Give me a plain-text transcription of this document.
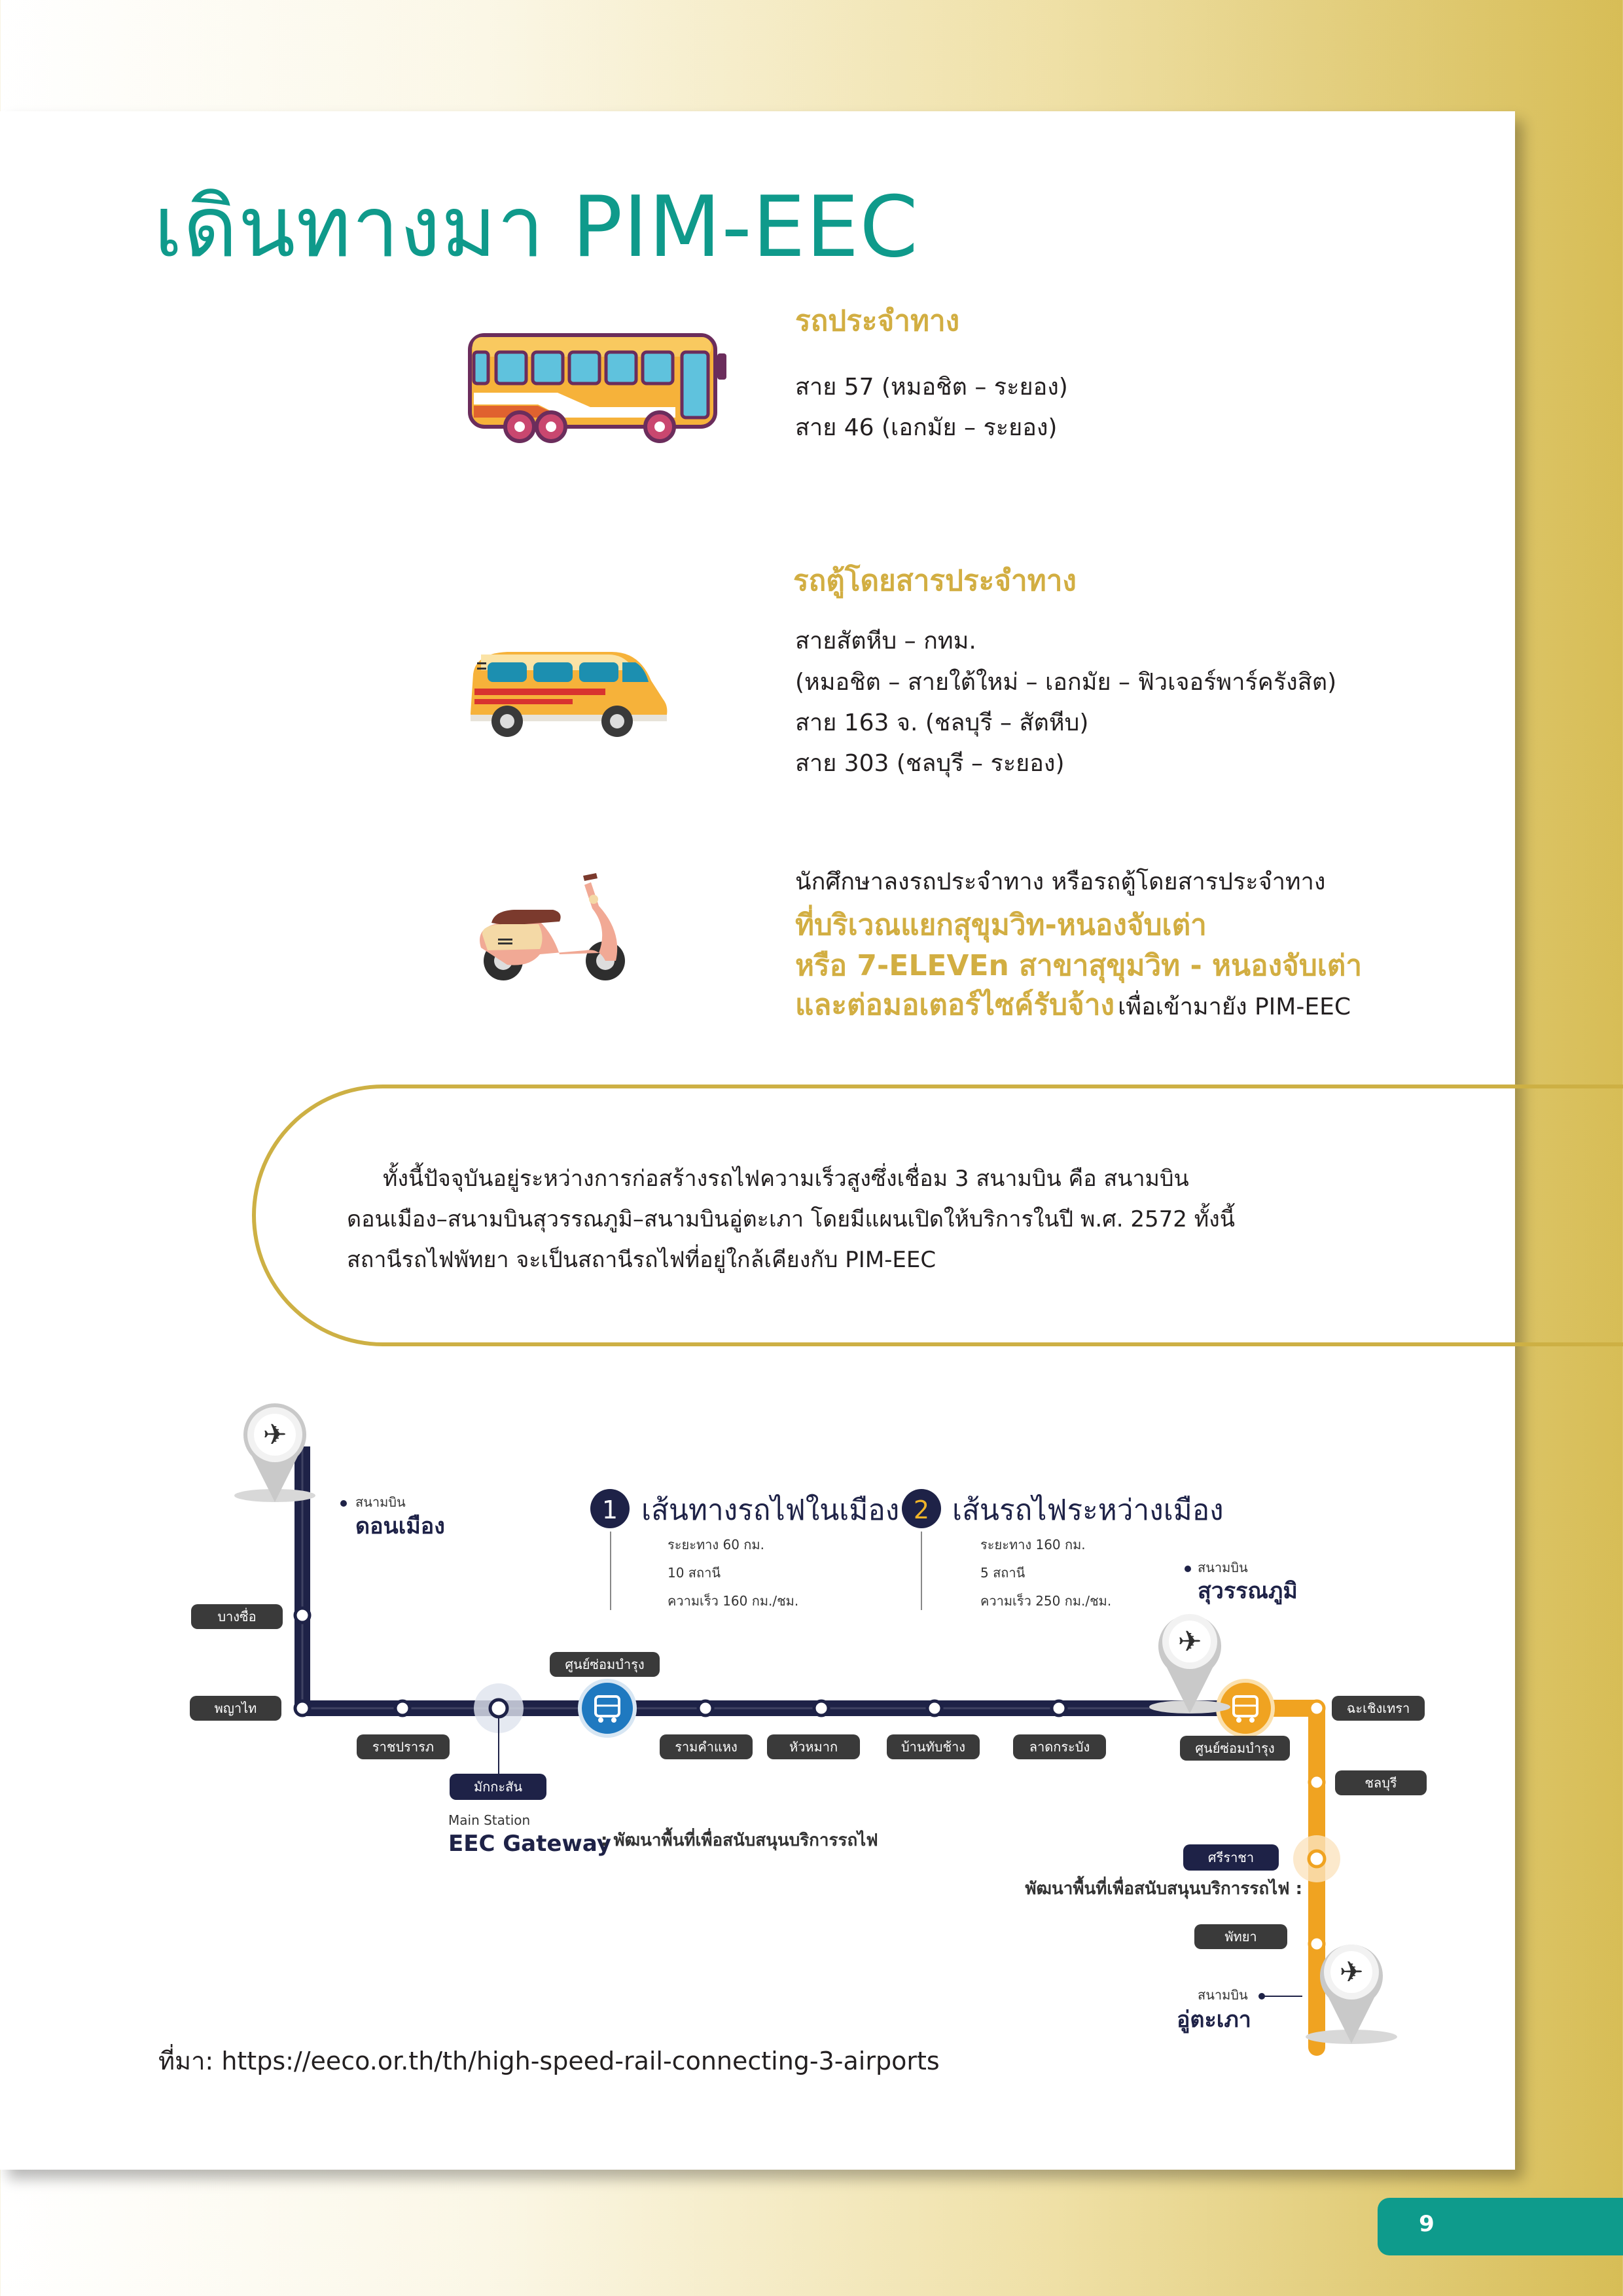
เดินทางมา PIM-EEC
รถประจำทาง
สาย 57 (หมอชิต – ระยอง)
สาย 46 (เอกมัย – ระยอง)
รถตู้โดยสารประจำทาง
สายสัตหีบ – กทม.
(หมอชิต – สายใต้ใหม่ – เอกมัย – ฟิวเจอร์พาร์ครังสิต)
สาย 163 จ. (ชลบุรี – สัตหีบ)
สาย 303 (ชลบุรี – ระยอง)
นักศึกษาลงรถประจำทาง หรือรถตู้โดยสารประจำทาง
ที่บริเวณแยกสุขุมวิท-หนองจับเต่า
หรือ 7-ELEVEn สาขาสุขุมวิท - หนองจับเต่า
และต่อมอเตอร์ไซค์รับจ้าง เพื่อเข้ามายัง PIM-EEC
ทั้งนี้ปัจจุบันอยู่ระหว่างการก่อสร้างรถไฟความเร็วสูงซึ่งเชื่อม 3 สนามบิน คือ สนามบิน
ดอนเมือง–สนามบินสุวรรณภูมิ–สนามบินอู่ตะเภา โดยมีแผนเปิดให้บริการในปี พ.ศ. 2572 ทั้งนี้
สถานีรถไฟพัทยา จะเป็นสถานีรถไฟที่อยู่ใกล้เคียงกับ PIM-EEC
✈
✈
✈
สนามบิน
ดอนเมือง
สนามบิน
สุวรรณภูมิ
สนามบิน
อู่ตะเภา
1 เส้นทางรถไฟในเมือง
ระยะทาง 60 กม.
10 สถานี
ความเร็ว 160 กม./ชม.
2 เส้นรถไฟระหว่างเมือง
ระยะทาง 160 กม.
5 สถานี
ความเร็ว 250 กม./ชม.
บางซื่อ
พญาไท
ราชปรารภ
มักกะสัน
ศูนย์ซ่อมบำรุง
รามคำแหง	หัวหมาก	บ้านทับช้าง	ลาดกระบัง	ศูนย์ซ่อมบำรุง
ฉะเชิงเทรา
ชลบุรี
ศรีราชา
พัทยา
Main Station
EEC Gateway
: พัฒนาพื้นที่เพื่อสนับสนุนบริการรถไฟ
พัฒนาพื้นที่เพื่อสนับสนุนบริการรถไฟ :
ที่มา: https://eeco.or.th/th/high-speed-rail-connecting-3-airports
9
